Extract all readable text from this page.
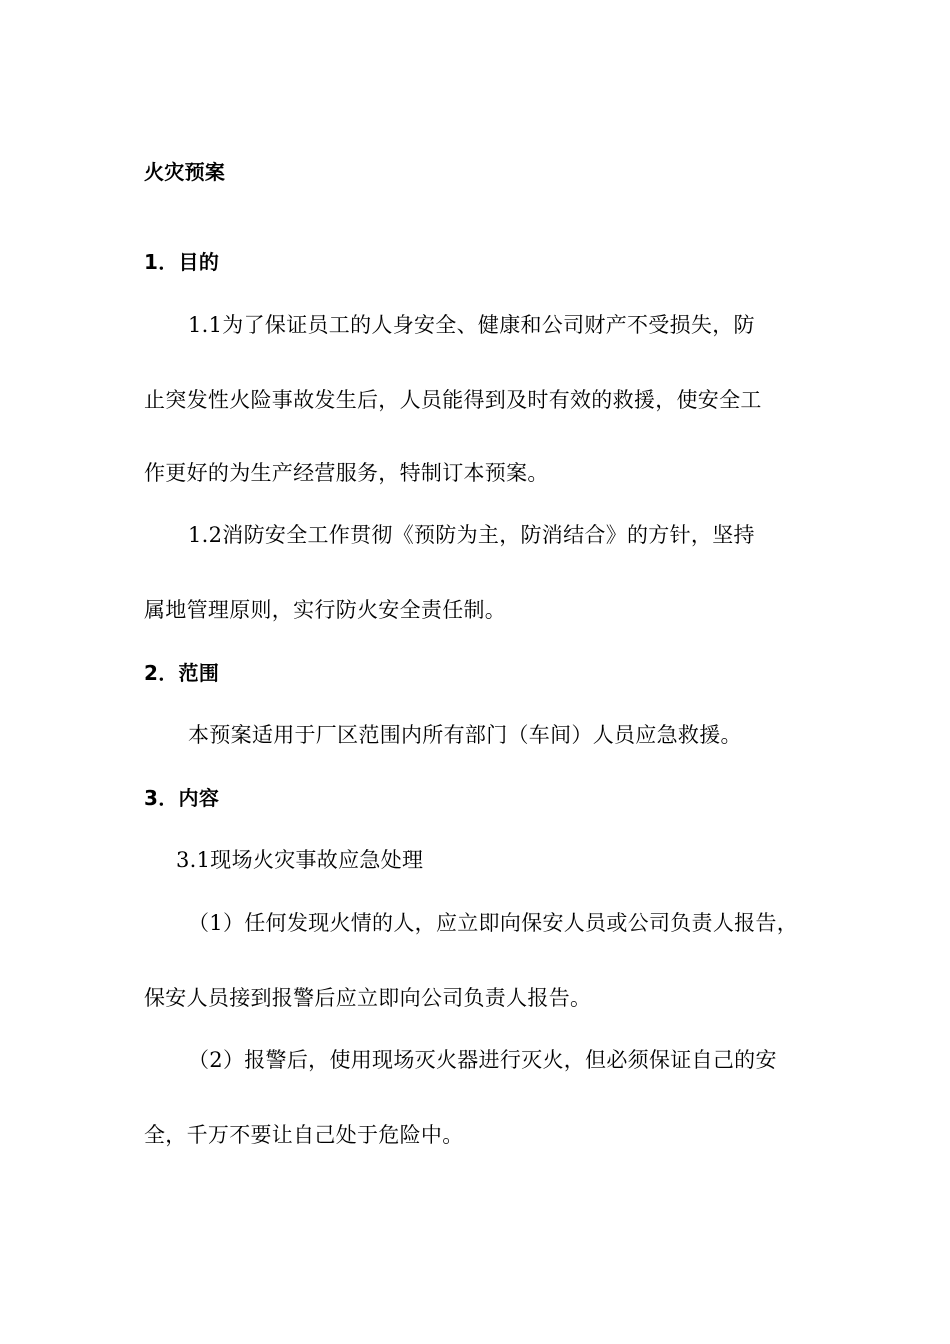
火灾预案
1．目的
1.1为了保证员工的人身安全、健康和公司财产不受损失，防
止突发性火险事故发生后，人员能得到及时有效的救援，使安全工
作更好的为生产经营服务，特制订本预案。
1.2消防安全工作贯彻《预防为主，防消结合》的方针，坚持
属地管理原则，实行防火安全责任制。
2．范围
本预案适用于厂区范围内所有部门（车间）人员应急救援。
3．内容
3.1现场火灾事故应急处理
（1）任何发现火情的人，应立即向保安人员或公司负责人报告，
保安人员接到报警后应立即向公司负责人报告。
（2）报警后，使用现场灭火器进行灭火，但必须保证自己的安
全，千万不要让自己处于危险中。
